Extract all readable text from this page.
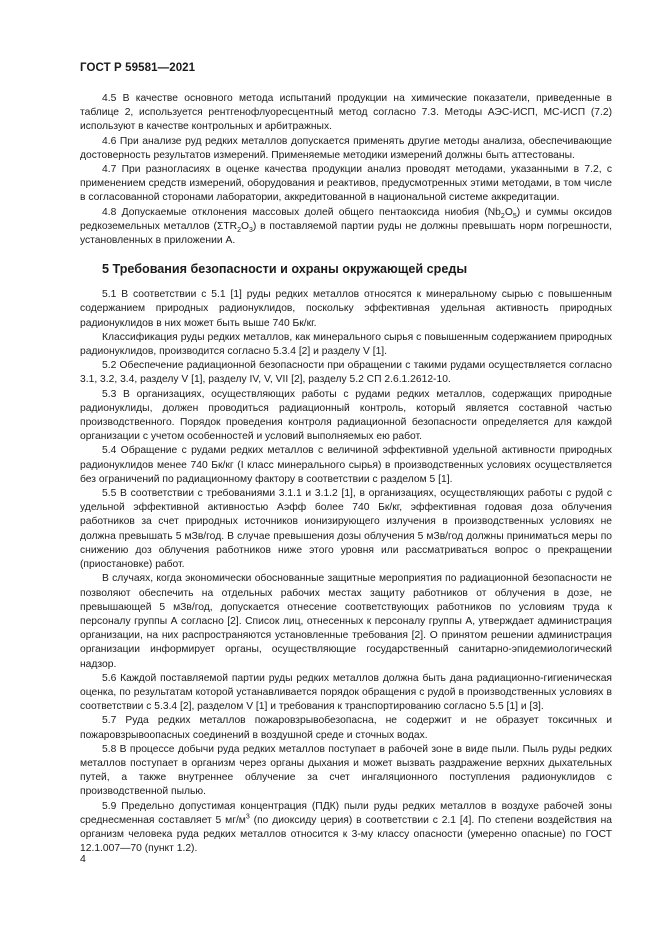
ГОСТ Р 59581—2021

4.5 В качестве основного метода испытаний продукции на химические показатели, приведенные в таблице 2, используется рентгенофлуоресцентный метод согласно 7.3. Методы АЭС-ИСП, МС-ИСП (7.2) используют в качестве контрольных и арбитражных.

4.6 При анализе руд редких металлов допускается применять другие методы анализа, обеспечивающие достоверность результатов измерений. Применяемые методики измерений должны быть аттестованы.

4.7 При разногласиях в оценке качества продукции анализ проводят методами, указанными в 7.2, с применением средств измерений, оборудования и реактивов, предусмотренных этими методами, в том числе в согласованной сторонами лаборатории, аккредитованной в национальной системе аккредитации.

4.8 Допускаемые отклонения массовых долей общего пентаоксида ниобия $(Nb_2O_5)$ и суммы оксидов редкоземельных металлов $(\Sigma TR_2O_3)$ в поставляемой партии руды не должны превышать норм погрешности, установленных в приложении А.

5 Требования безопасности и охраны окружающей среды

5.1 В соответствии с 5.1 [1] руды редких металлов относятся к минеральному сырью с повышенным содержанием природных радионуклидов, поскольку эффективная удельная активность природных радионуклидов в них может быть выше 740 Бк/кг.

Классификация руды редких металлов, как минерального сырья с повышенным содержанием природных радионуклидов, производится согласно 5.3.4 [2] и разделу V [1].

5.2 Обеспечение радиационной безопасности при обращении с такими рудами осуществляется согласно 3.1, 3.2, 3.4, разделу V [1], разделу IV, V, VII [2], разделу 5.2 СП 2.6.1.2612-10.

5.3 В организациях, осуществляющих работы с рудами редких металлов, содержащих природные радионуклиды, должен проводиться радиационный контроль, который является составной частью производственного. Порядок проведения контроля радиационной безопасности определяется для каждой организации с учетом особенностей и условий выполняемых ею работ.

5.4 Обращение с рудами редких металлов с величиной эффективной удельной активности природных радионуклидов менее 740 Бк/кг (I класс минерального сырья) в производственных условиях осуществляется без ограничений по радиационному фактору в соответствии с разделом 5 [1].

5.5 В соответствии с требованиями 3.1.1 и 3.1.2 [1], в организациях, осуществляющих работы с рудой с удельной эффективной активностью Аэфф более 740 Бк/кг, эффективная годовая доза облучения работников за счет природных источников ионизирующего излучения в производственных условиях не должна превышать 5 мЗв/год. В случае превышения дозы облучения 5 мЗв/год должны приниматься меры по снижению доз облучения работников ниже этого уровня или рассматриваться вопрос о прекращении (приостановке) работ.

В случаях, когда экономически обоснованные защитные мероприятия по радиационной безопасности не позволяют обеспечить на отдельных рабочих местах защиту работников от облучения в дозе, не превышающей 5 мЗв/год, допускается отнесение соответствующих работников по условиям труда к персоналу группы А согласно [2]. Список лиц, отнесенных к персоналу группы А, утверждает администрация организации, на них распространяются установленные требования [2]. О принятом решении администрация организации информирует органы, осуществляющие государственный санитарно-эпидемиологический надзор.

5.6 Каждой поставляемой партии руды редких металлов должна быть дана радиационно-гигиеническая оценка, по результатам которой устанавливается порядок обращения с рудой в производственных условиях в соответствии с 5.3.4 [2], разделом V [1] и требования к транспортированию согласно 5.5 [1] и [3].

5.7 Руда редких металлов пожаровзрывобезопасна, не содержит и не образует токсичных и пожаровзрывоопасных соединений в воздушной среде и сточных водах.

5.8 В процессе добычи руда редких металлов поступает в рабочей зоне в виде пыли. Пыль руды редких металлов поступает в организм через органы дыхания и может вызвать раздражение верхних дыхательных путей, а также внутреннее облучение за счет ингаляционного поступления радионуклидов с производственной пылью.

5.9 Предельно допустимая концентрация (ПДК) пыли руды редких металлов в воздухе рабочей зоны среднесменная составляет 5 $мг/м^3$ (по диоксиду церия) в соответствии с 2.1 [4]. По степени воздействия на организм человека руда редких металлов относится к 3-му классу опасности (умеренно опасные) по ГОСТ 12.1.007—70 (пункт 1.2).

4
